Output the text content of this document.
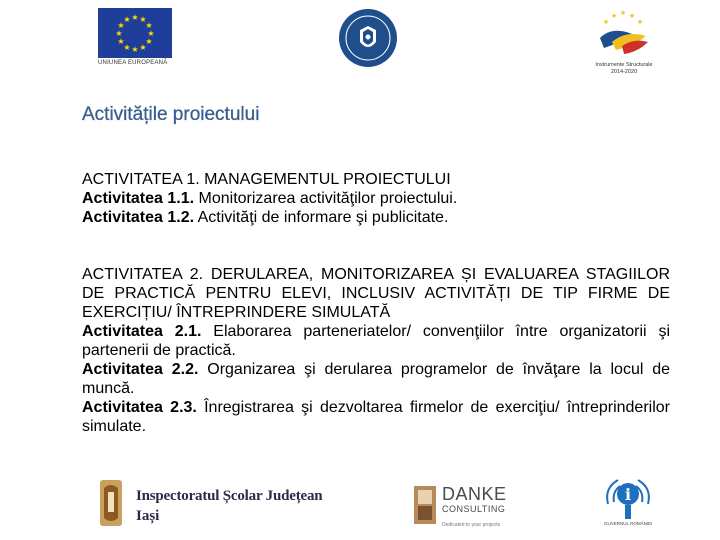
★ ★
★
★
★
★
★
★
★
★
★
★
UNIUNEA EUROPEANĂ
★ ★ ★
★	★
Instrumente Structurale
2014-2020
Activitățile proiectului
ACTIVITATEA 1. MANAGEMENTUL PROIECTULUI
Activitatea 1.1. Monitorizarea activităţilor proiectului.
Activitatea 1.2. Activităţi de informare şi publicitate.
ACTIVITATEA 2. DERULAREA, MONITORIZAREA ȘI EVALUAREA STAGIILOR DE PRACTICĂ PENTRU ELEVI, INCLUSIV ACTIVITĂȚI DE TIP FIRME DE EXERCIȚIU/ ÎNTREPRINDERE SIMULATĂ
Activitatea 2.1. Elaborarea parteneriatelor/ convenţiilor între organizatorii şi partenerii de practică.
Activitatea 2.2. Organizarea şi derularea programelor de învăţare la locul de muncă.
Activitatea 2.3. Înregistrarea şi dezvoltarea firmelor de exerciţiu/ întreprinderilor simulate.
Inspectoratul Școlar Județean
Iași
DANKE
CONSULTING
Dedicated to your projects
i
GUVERNUL ROMÂNIEI
